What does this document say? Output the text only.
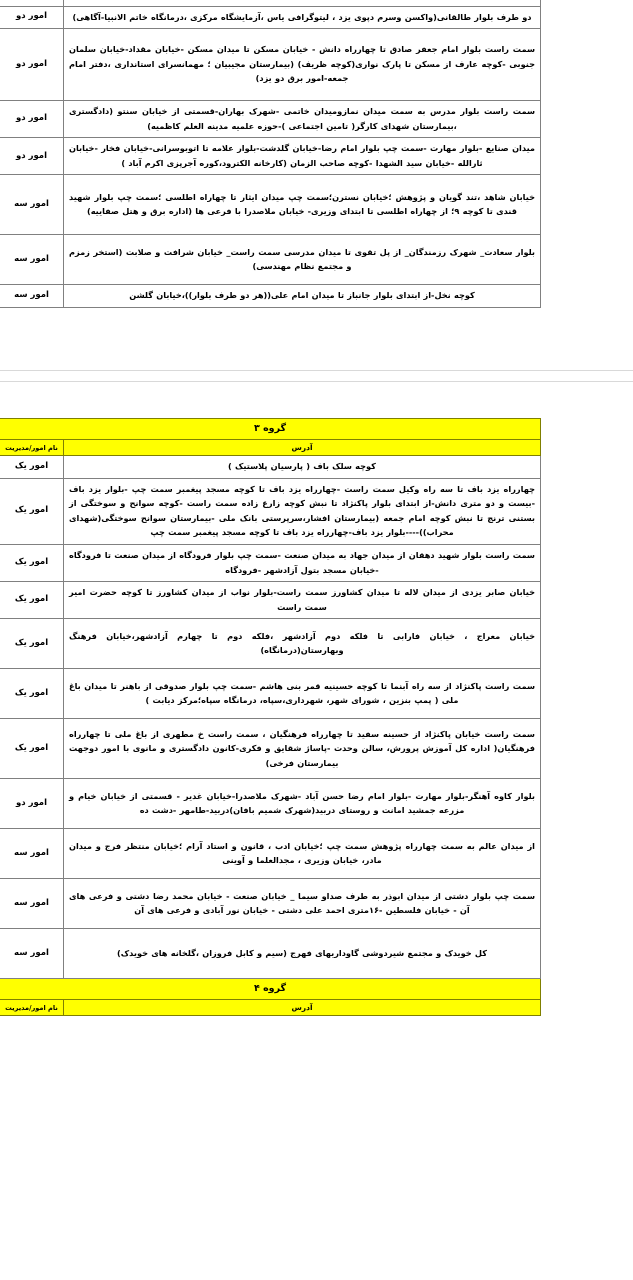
دو طرف بلوار طالقانی(واکسن وسرم دپوی یزد ، لیتوگرافی یاس ،آزمایشگاه مرکزی ،درمانگاه خاتم الانبیا-آگاهی)	امور دو
سمت راست بلوار امام جعفر صادق تا چهارراه دانش - خیابان مسکن تا میدان مسکن -خیابان مقداد-خیابان سلمان جنوبی -کوچه عارف از مسکن تا پارک نواری(کوچه ظریف) (بیمارستان مجیبیان ؛ مهمانسرای استانداری ،دفتر امام جمعه-امور برق دو یزد)	امور دو
سمت راست بلوار مدرس به سمت میدان نمازومیدان خاتمی -شهرک بهاران-قسمتی از خیابان سنتو (دادگستری ،بیمارستان شهدای کارگر( تامین اجتماعی )-حوزه علمیه مدینه العلم کاظمیه)	امور دو
میدان صنایع -بلوار مهارت -سمت چپ بلوار امام رضا-خیابان گلدشت-بلوار علامه تا اتوبوسرانی-خیابان فخار -خیابان ثارالله -خیابان سید الشهدا -کوچه صاحب الزمان (کارخانه الکترود،کوره آجرپزی اکرم آباد )	امور دو
خیابان شاهد ،تند گویان و پژوهش ؛خیابان نسترن؛سمت چپ میدان ایثار تا چهاراه اطلسی ؛سمت چپ بلوار شهید قندی تا کوچه ۹؛ از چهاراه اطلسی تا ابتدای وزیری- خیابان ملاصدرا با فرعی ها (اداره برق و هتل صفاییه)	امور سه
بلوار سعادت_ شهرک رزمندگان_ از پل تقوی تا میدان مدرسی سمت راست_ خیابان شرافت و صلابت (استخر زمزم و مجتمع نظام مهندسی)	امور سه
کوچه نخل-از ابتدای بلوار جانباز تا میدان امام علی((هر دو طرف بلوار))،خیابان گلشن	امور سه
گروه ۳	
آدرس	نام امور/مدیریت
کوچه سلک باف ( پارسیان پلاستیک )	امور یک
چهارراه یزد باف تا سه راه وکیل سمت راست -چهارراه یزد باف تا کوچه مسجد پیغمبر سمت چپ -بلوار یزد باف -بیست و دو متری دانش-از ابتدای بلوار پاکنژاد تا نبش کوچه زارع زاده سمت راست -کوچه سوانح و سوختگی از بستنی ترنج تا نبش کوچه امام جمعه (بیمارستان افشار،سرپرستی بانک ملی -بیمارستان سوانح سوختگی(شهدای محراب))----بلوار یزد باف-چهارراه یزد باف تا کوچه مسجد پیغمبر سمت چپ	امور یک
سمت راست بلوار شهید دهقان از میدان جهاد به میدان صنعت -سمت چپ بلوار فرودگاه از میدان صنعت تا فرودگاه -خیابان مسجد بتول آزادشهر -فرودگاه	امور یک
خیابان صابر یزدی از میدان لاله تا میدان کشاورز سمت راست-بلوار نواب از میدان کشاورز تا کوچه حضرت امیر سمت راست	امور یک
خیابان معراج ، خیابان فارابی تا فلکه دوم آزادشهر ،فلکه دوم تا چهارم آزادشهر،خیابان فرهنگ وبهارستان(درمانگاه)	امور یک
سمت راست پاکنژاد از سه راه آبنما تا کوچه حسینیه قمر بنی هاشم -سمت چپ بلوار صدوقی از باهنر تا میدان باغ ملی ( پمپ بنزین ، شورای شهر، شهرداری،سپاه، درمانگاه سپاه؛مرکز دیابت )	امور یک
سمت راست خیابان پاکنژاد از حسینه سفید تا چهارراه فرهنگیان ، سمت راست خ مطهری از باغ ملی تا چهارراه فرهنگیان( اداره کل آموزش پرورش، سالن وحدت -پاساژ شقایق و فکری-کانون دادگستری و مانوی با امور دوجهت بیمارستان فرخی)	امور یک
بلوار کاوه آهنگر-بلوار مهارت -بلوار امام رضا حسن آباد -شهرک ملاصدرا-خیابان غدیر - قسمتی از خیابان خیام و مزرعه جمشید امانت و روستای دربید(شهرک شمیم بافان)دربید-طامهر -دشت ده	امور دو
از میدان عالم به سمت چهارراه پژوهش سمت چپ ؛خیابان ادب ، قانون و استاد آرام ؛خیابان منتظر فرج و میدان مادر، خیابان وزیری ، مجدالعلما و آوینی	امور سه
سمت چپ بلوار دشتی از میدان ابوذر به طرف صداو سیما _ خیابان صنعت - خیابان محمد رضا دشتی و فرعی های آن - خیابان فلسطین -۱۶متری احمد علی دشتی - خیابان نور آبادی و فرعی های آن	امور سه
کل خویدک و مجتمع شیردوشی گاوداریهای فهرج (سیم و کابل فروزان ،گلخانه های خویدک)	امور سه
گروه ۴	
آدرس	نام امور/مدیریت
